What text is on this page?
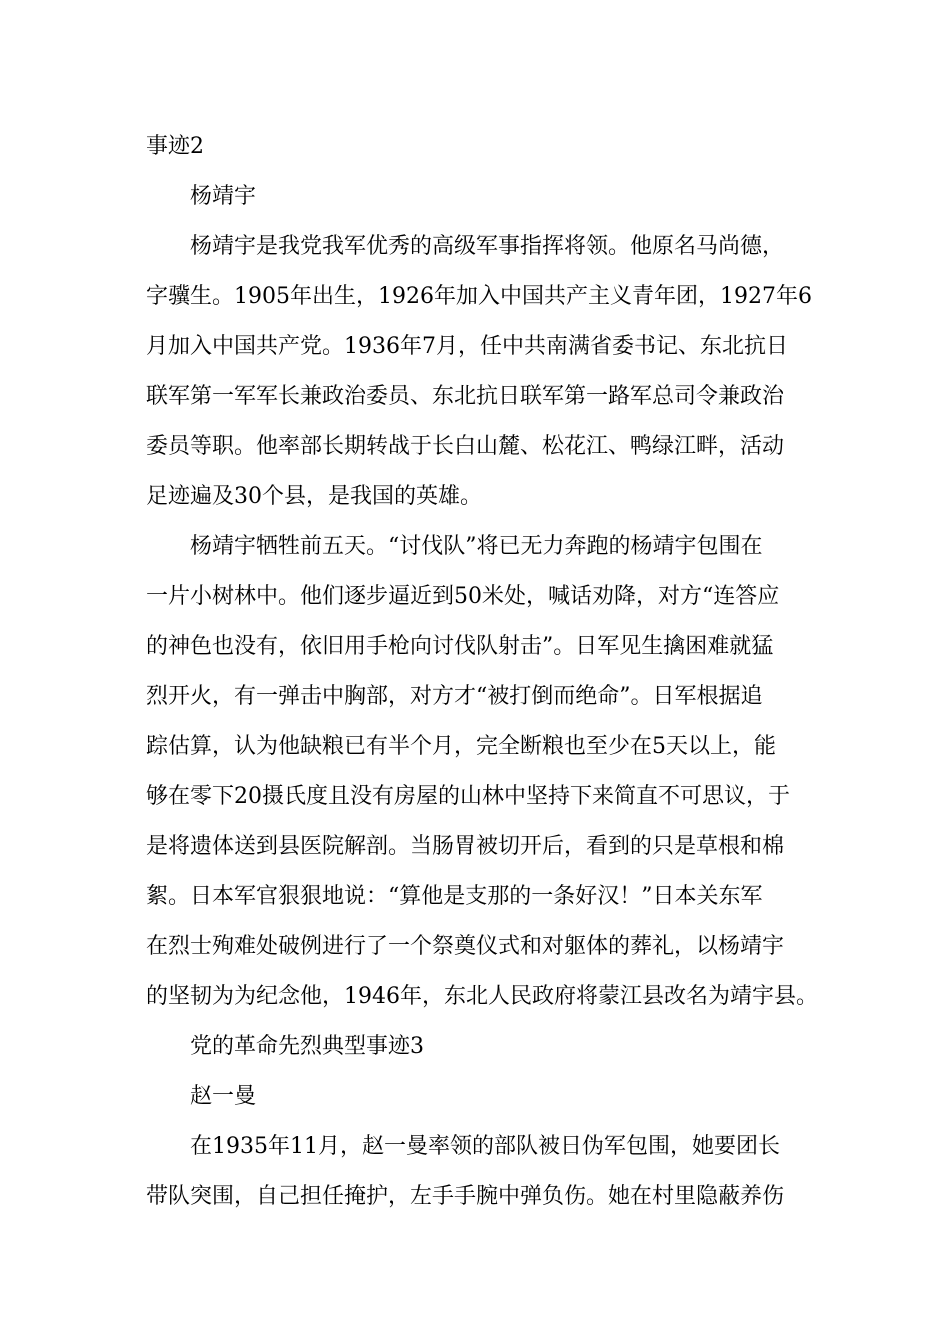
事迹2
杨靖宇
杨靖宇是我党我军优秀的高级军事指挥将领。他原名马尚德，
字骥生。1905年出生，1926年加入中国共产主义青年团，1927年6
月加入中国共产党。1936年7月，任中共南满省委书记、东北抗日
联军第一军军长兼政治委员、东北抗日联军第一路军总司令兼政治
委员等职。他率部长期转战于长白山麓、松花江、鸭绿江畔，活动
足迹遍及30个县，是我国的英雄。
杨靖宇牺牲前五天。“讨伐队”将已无力奔跑的杨靖宇包围在
一片小树林中。他们逐步逼近到50米处，喊话劝降，对方“连答应
的神色也没有，依旧用手枪向讨伐队射击”。日军见生擒困难就猛
烈开火，有一弹击中胸部，对方才“被打倒而绝命”。日军根据追
踪估算，认为他缺粮已有半个月，完全断粮也至少在5天以上，能
够在零下20摄氏度且没有房屋的山林中坚持下来简直不可思议，于
是将遗体送到县医院解剖。当肠胃被切开后，看到的只是草根和棉
絮。日本军官狠狠地说：“算他是支那的一条好汉！”日本关东军
在烈士殉难处破例进行了一个祭奠仪式和对躯体的葬礼，以杨靖宇
的坚韧为为纪念他，1946年，东北人民政府将蒙江县改名为靖宇县。
党的革命先烈典型事迹3
赵一曼
在1935年11月，赵一曼率领的部队被日伪军包围，她要团长
带队突围，自己担任掩护，左手手腕中弹负伤。她在村里隐蔽养伤
